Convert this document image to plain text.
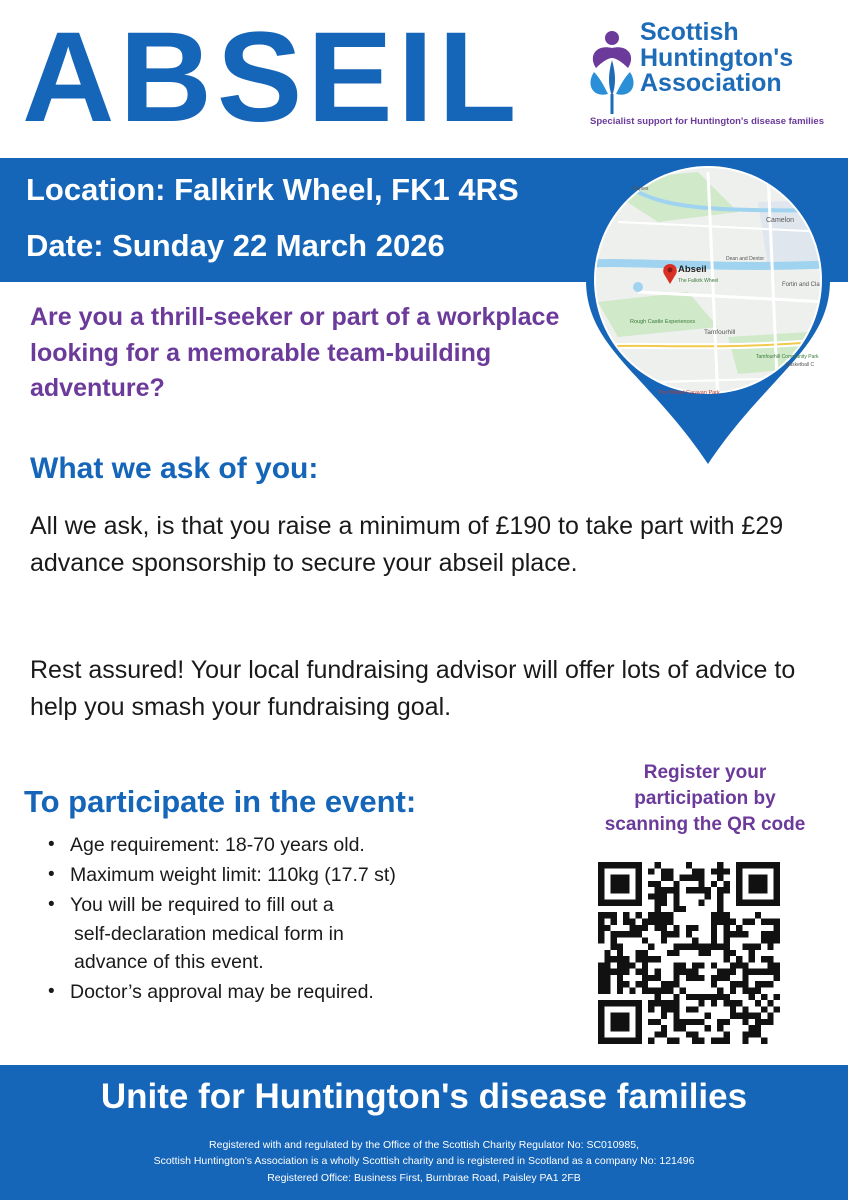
ABSEIL	Scottish
Huntington's
Association
Specialist support for Huntington's disease families
Location: Falkirk Wheel, FK1 4RS
Date: Sunday 22 March 2026
Abseil
Camelon
Fortin and Cla
Tamfourhill
Rough Castle Experiences
The Wheel Caravan Park
Tamfourhill Community Park
Basketball C
The Falkirk Wheel
Kelpies
Dean and Dentor
Are you a thrill-seeker or part of a workplace looking for a memorable team-building adventure?
What we ask of you:
All we ask, is that you raise a minimum of £190 to take part with £29 advance sponsorship to secure your abseil place.
Rest assured! Your local fundraising advisor will offer lots of advice to help you smash your fundraising goal.
To participate in the event:
• Age requirement: 18-70 years old.
• Maximum weight limit: 110kg (17.7 st)
• You will be required to fill out a
self-declaration medical form in
advance of this event.
• Doctor’s approval may be required.
Register your
participation by
scanning the QR code
Unite for Huntington's disease families
Registered with and regulated by the Office of the Scottish Charity Regulator No: SC010985,
Scottish Huntington’s Association is a wholly Scottish charity and is registered in Scotland as a company No: 121496
Registered Office: Business First, Burnbrae Road, Paisley PA1 2FB
